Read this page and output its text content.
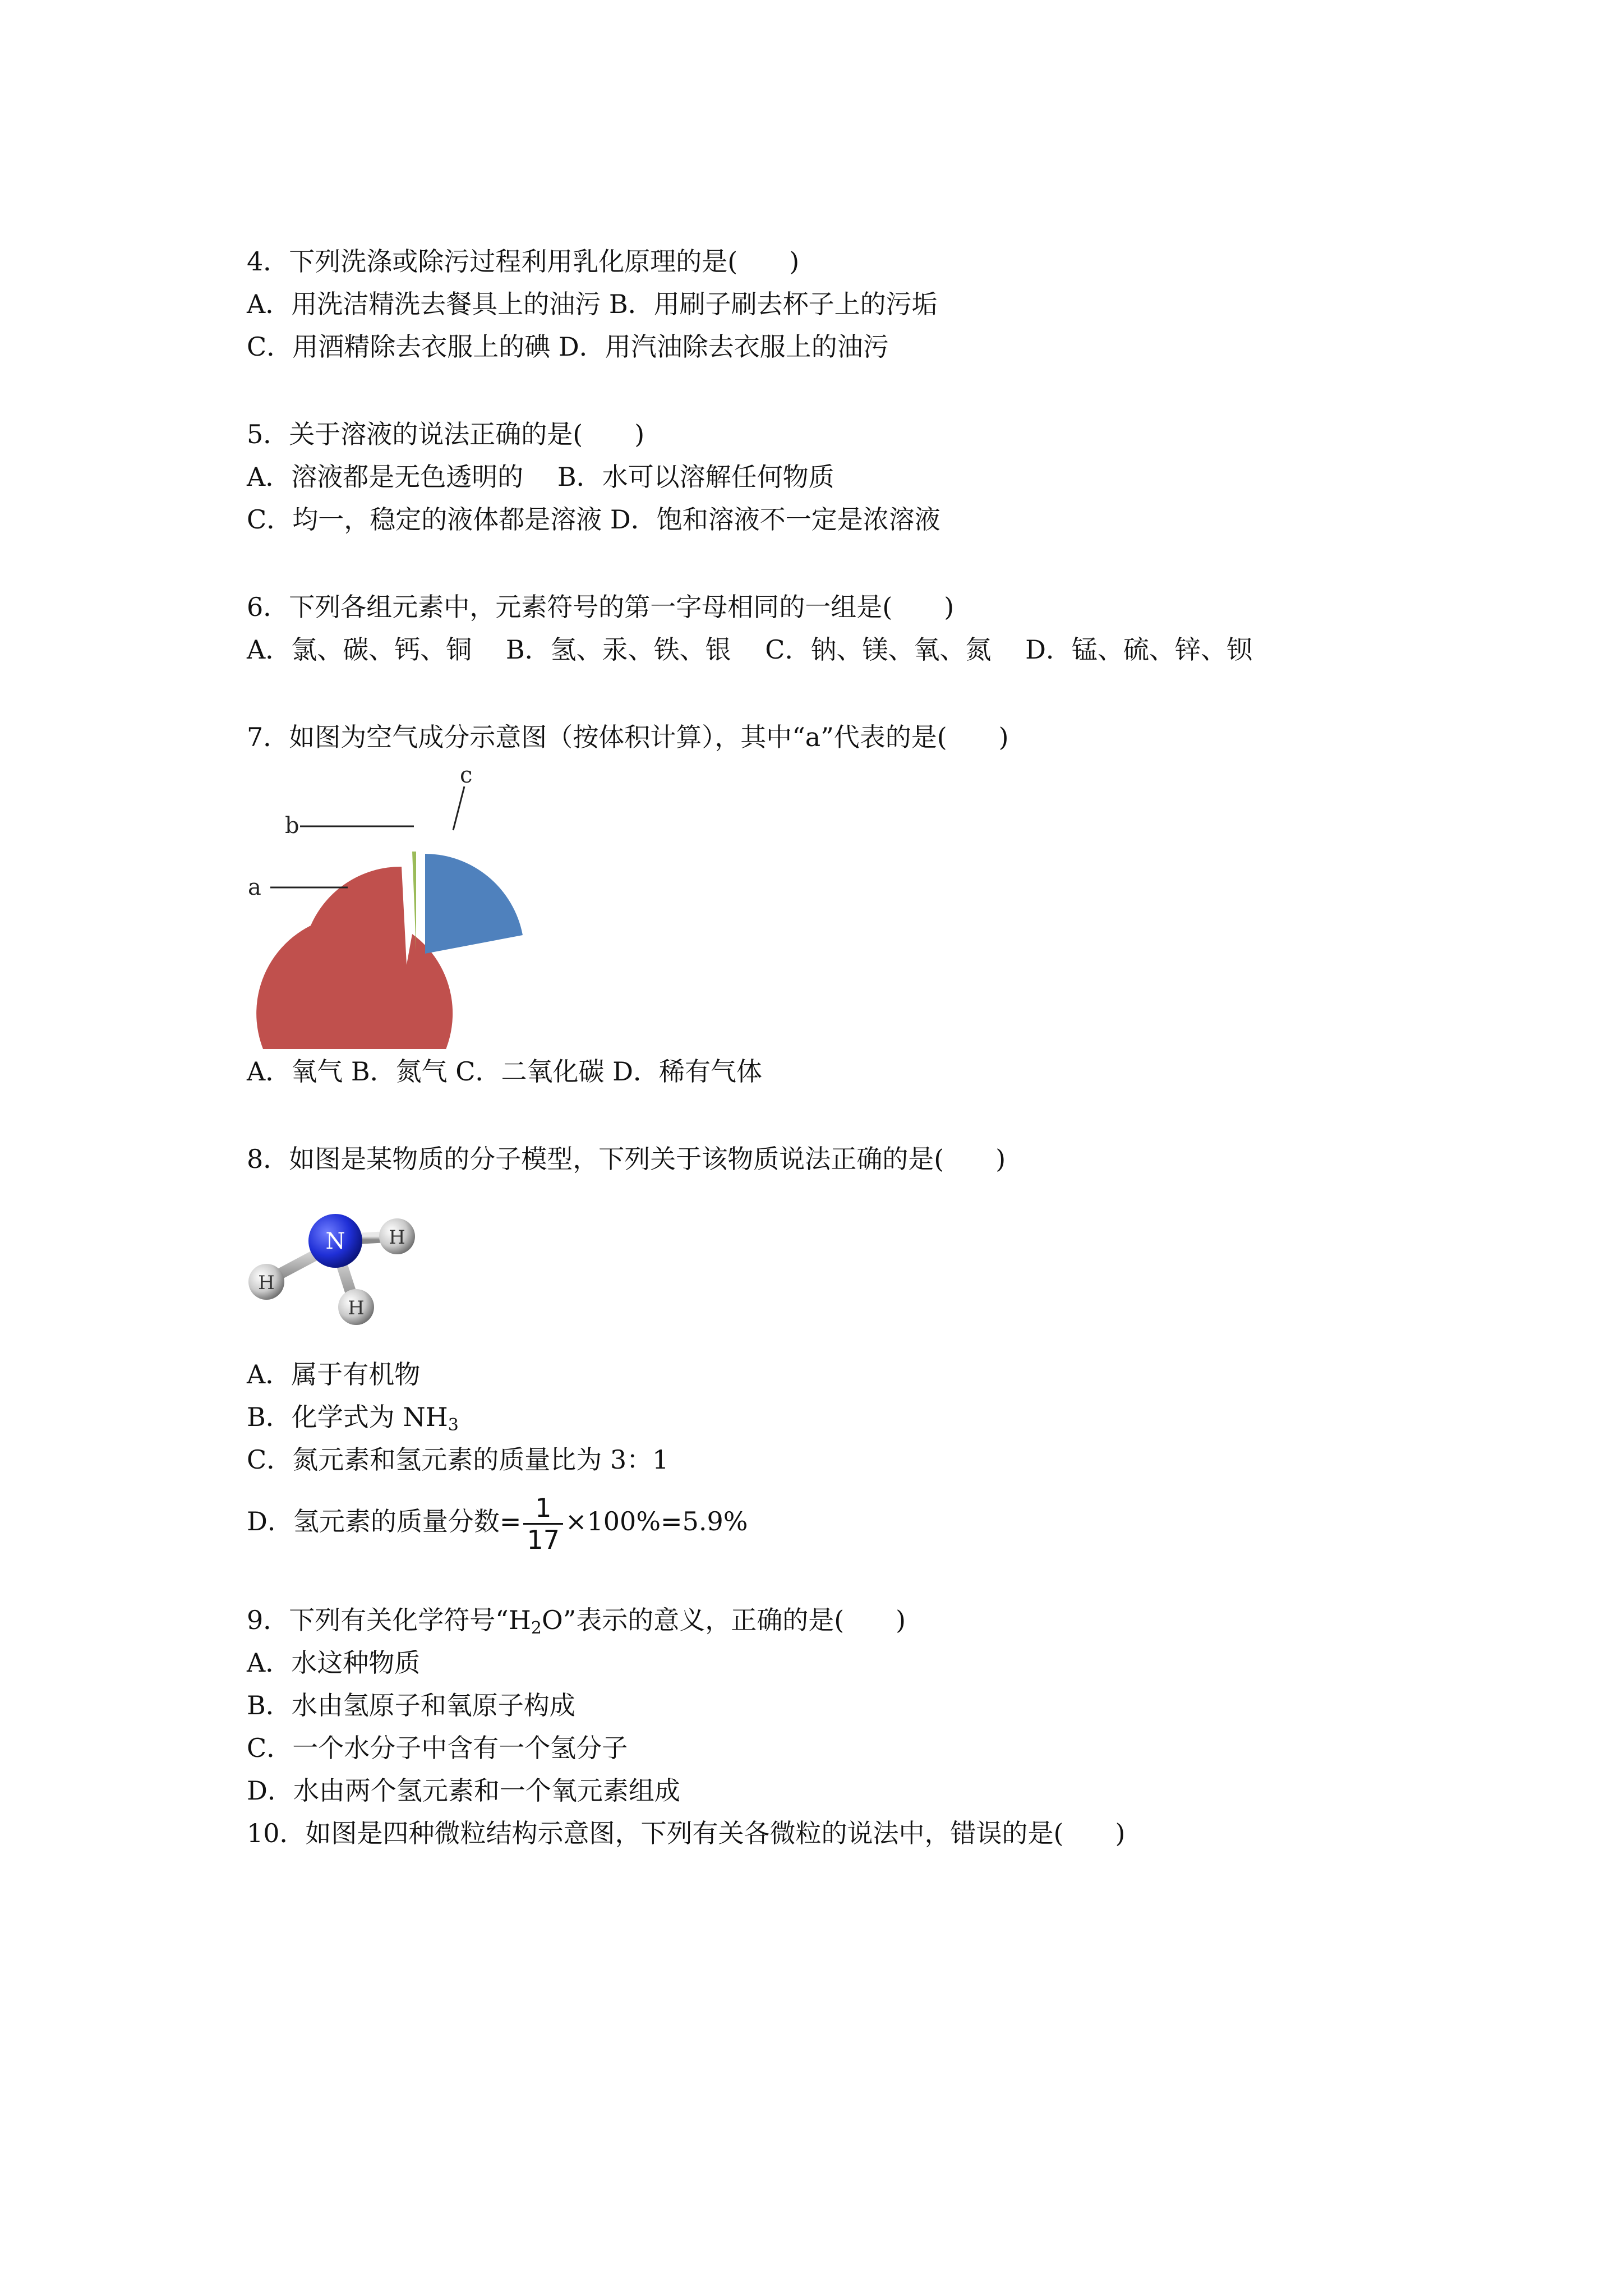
4．下列洗涤或除污过程利用乳化原理的是(　　)
A．用洗洁精洗去餐具上的油污 B．用刷子刷去杯子上的污垢
C．用酒精除去衣服上的碘 D．用汽油除去衣服上的油污
5．关于溶液的说法正确的是(　　)
A．溶液都是无色透明的　 B．水可以溶解任何物质
C．均一，稳定的液体都是溶液 D．饱和溶液不一定是浓溶液
6．下列各组元素中，元素符号的第一字母相同的一组是(　　)
A．氯、碳、钙、铜　 B．氢、汞、铁、银　 C．钠、镁、氧、氮　 D．锰、硫、锌、钡
7．如图为空气成分示意图（按体积计算），其中“a”代表的是(　　)
a
b
c
A．氧气 B．氮气 C．二氧化碳 D．稀有气体
8．如图是某物质的分子模型，下列关于该物质说法正确的是(　　)
N H
H
H
A．属于有机物
B．化学式为 $NH_3$
C．氮元素和氢元素的质量比为 3：1
D．氢元素的质量分数= $\frac{1}{17} \times 100\%=5.9\%$
9．下列有关化学符号“$H_2O$”表示的意义，正确的是(　　)
A．水这种物质
B．水由氢原子和氧原子构成
C．一个水分子中含有一个氢分子
D．水由两个氢元素和一个氧元素组成
10．如图是四种微粒结构示意图，下列有关各微粒的说法中，错误的是(　　)
